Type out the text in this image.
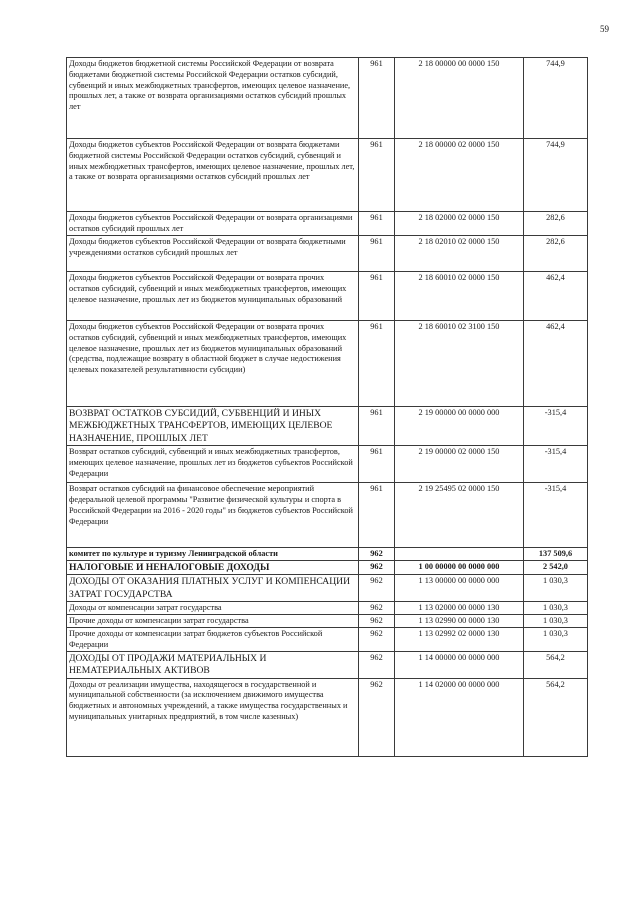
59
Доходы бюджетов бюджетной системы Российской Федерации от возврата бюджетами бюджетной системы Российской Федерации остатков субсидий, субвенций и иных межбюджетных трансфертов, имеющих целевое назначение, прошлых лет, а также от возврата организациями остатков субсидий прошлых лет	961	2 18 00000 00 0000 150	744,9
Доходы бюджетов субъектов Российской Федерации от возврата бюджетами бюджетной системы Российской Федерации остатков субсидий, субвенций и иных межбюджетных трансфертов, имеющих целевое назначение, прошлых лет, а также от возврата организациями остатков субсидий прошлых лет	961	2 18 00000 02 0000 150	744,9
Доходы бюджетов субъектов Российской Федерации от возврата организациями остатков субсидий прошлых лет	961	2 18 02000 02 0000 150	282,6
Доходы бюджетов субъектов Российской Федерации от возврата бюджетными учреждениями остатков субсидий прошлых лет	961	2 18 02010 02 0000 150	282,6
Доходы бюджетов субъектов Российской Федерации от возврата прочих остатков субсидий, субвенций и иных межбюджетных трансфертов, имеющих целевое назначение, прошлых лет из бюджетов муниципальных образований	961	2 18 60010 02 0000 150	462,4
Доходы бюджетов субъектов Российской Федерации от возврата прочих остатков субсидий, субвенций и иных межбюджетных трансфертов, имеющих целевое назначение, прошлых лет из бюджетов муниципальных образований (средства, подлежащие возврату в областной бюджет в случае недостижения целевых показателей результативности субсидии)	961	2 18 60010 02 3100 150	462,4
ВОЗВРАТ ОСТАТКОВ СУБСИДИЙ, СУБВЕНЦИЙ И ИНЫХ МЕЖБЮДЖЕТНЫХ ТРАНСФЕРТОВ, ИМЕЮЩИХ ЦЕЛЕВОЕ НАЗНАЧЕНИЕ, ПРОШЛЫХ ЛЕТ	961	2 19 00000 00 0000 000	-315,4
Возврат остатков субсидий, субвенций и иных межбюджетных трансфертов, имеющих целевое назначение, прошлых лет из бюджетов субъектов Российской Федерации	961	2 19 00000 02 0000 150	-315,4
Возврат остатков субсидий на финансовое обеспечение мероприятий федеральной целевой программы "Развитие физической культуры и спорта в Российской Федерации на 2016 - 2020 годы" из бюджетов субъектов Российской Федерации	961	2 19 25495 02 0000 150	-315,4
комитет по культуре и туризму Ленинградской области	962		137 509,6
НАЛОГОВЫЕ И НЕНАЛОГОВЫЕ ДОХОДЫ	962	1 00 00000 00 0000 000	2 542,0
ДОХОДЫ ОТ ОКАЗАНИЯ ПЛАТНЫХ УСЛУГ И КОМПЕНСАЦИИ ЗАТРАТ ГОСУДАРСТВА	962	1 13 00000 00 0000 000	1 030,3
Доходы от компенсации затрат государства	962	1 13 02000 00 0000 130	1 030,3
Прочие доходы от компенсации затрат государства	962	1 13 02990 00 0000 130	1 030,3
Прочие доходы от компенсации затрат бюджетов субъектов Российской Федерации	962	1 13 02992 02 0000 130	1 030,3
ДОХОДЫ ОТ ПРОДАЖИ МАТЕРИАЛЬНЫХ И НЕМАТЕРИАЛЬНЫХ АКТИВОВ	962	1 14 00000 00 0000 000	564,2
Доходы от реализации имущества, находящегося в государственной и муниципальной собственности (за исключением движимого имущества бюджетных и автономных учреждений, а также имущества государственных и муниципальных унитарных предприятий, в том числе казенных)	962	1 14 02000 00 0000 000	564,2
